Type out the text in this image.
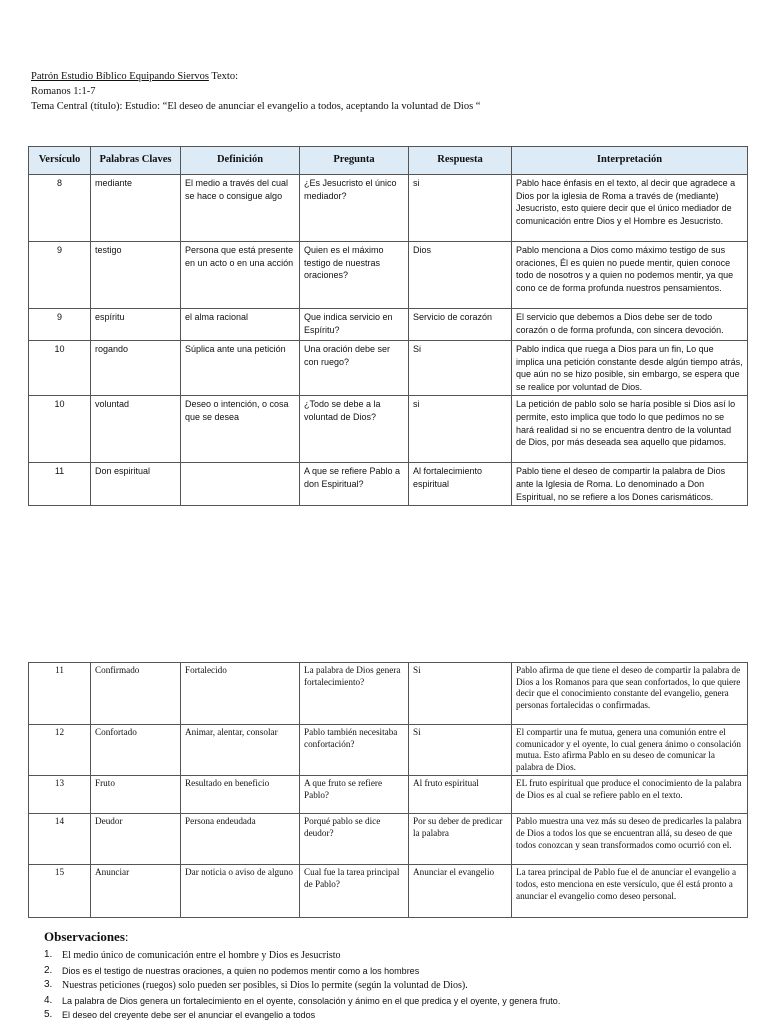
Patrón Estudio Bíblico Equipando Siervos Texto:
Romanos 1:1-7
Tema Central (título): Estudio: “El deseo de anunciar el evangelio a todos, aceptando la voluntad de Dios “
Versículo	Palabras Claves	Definición	Pregunta	Respuesta	Interpretación
8	mediante	El medio a través del cual se hace o consigue algo	¿Es Jesucristo el único mediador?	si	Pablo hace énfasis en el texto, al decir que agradece a Dios por la iglesia de Roma a través de (mediante) Jesucristo, esto quiere decir que el único mediador de comunicación entre Dios y el Hombre es Jesucristo.
9	testigo	Persona que está presente en un acto o en una acción	Quien es el máximo testigo de nuestras oraciones?	Dios	Pablo menciona a Dios como máximo testigo de sus oraciones, Él es quien no puede mentir, quien conoce todo de nosotros y a quien no podemos mentir, ya que cono ce de forma profunda nuestros pensamientos.
9	espíritu	el alma racional	Que indica servicio en Espíritu?	Servicio de corazón	El servicio que debemos a Dios debe ser de todo corazón o de forma profunda, con sincera devoción.
10	rogando	Súplica ante una petición	Una oración debe ser con ruego?	Si	Pablo indica que ruega a Dios para un fin, Lo que implica una petición constante desde algún tiempo atrás, que aún no se hizo posible, sin embargo, se espera que se realice por voluntad de Dios.
10	voluntad	Deseo o intención, o cosa que se desea	¿Todo se debe a la voluntad de Dios?	si	La petición de pablo solo se haría posible si Dios así lo permite, esto implica que todo lo que pedimos no se hará realidad si no se encuentra dentro de la voluntad de Dios, por más deseada sea aquello que pidamos.
11	Don espiritual		A que se refiere Pablo a don Espiritual?	Al fortalecimiento espiritual	Pablo tiene el deseo de compartir la palabra de Dios ante la Iglesia de Roma. Lo denominado a Don Espiritual, no se refiere a los Dones carismáticos.
11	Confirmado	Fortalecido	La palabra de Dios genera fortalecimiento?	Si	Pablo afirma de que tiene el deseo de compartir la palabra de Dios a los Romanos para que sean confortados, lo que quiere decir que el conocimiento constante del evangelio, genera personas fortalecidas o confirmadas.
12	Confortado	Animar, alentar, consolar	Pablo también necesitaba confortación?	Si	El compartir una fe mutua, genera una comunión entre el comunicador y el oyente, lo cual genera ánimo o consolación mutua. Esto afirma Pablo en su deseo de comunicar la palabra de Dios.
13	Fruto	Resultado en beneficio	A que fruto se refiere Pablo?	Al fruto espiritual	EL fruto espiritual que produce el conocimiento de la palabra de Dios es al cual se refiere pablo en el texto.
14	Deudor	Persona endeudada	Porqué pablo se dice deudor?	Por su deber de predicar la palabra	Pablo muestra una vez más su deseo de predicarles la palabra de Dios a todos los que se encuentran allá, su deseo de que todos conozcan y sean transformados como ocurrió con el.
15	Anunciar	Dar noticia o aviso de alguno	Cual fue la tarea principal de Pablo?	Anunciar el evangelio	La tarea principal de Pablo fue el de anunciar el evangelio a todos, esto menciona en este versículo, que él está pronto a anunciar el evangelio como deseo personal.
Observaciones:
1. El medio único de comunicación entre el hombre y Dios es Jesucristo
2. Dios es el testigo de nuestras oraciones, a quien no podemos mentir como a los hombres
3. Nuestras peticiones (ruegos) solo pueden ser posibles, si Dios lo permite (según la voluntad de Dios).
4. La palabra de Dios genera un fortalecimiento en el oyente, consolación y ánimo en el que predica y el oyente, y genera fruto.
5. El deseo del creyente debe ser el anunciar el evangelio a todos
